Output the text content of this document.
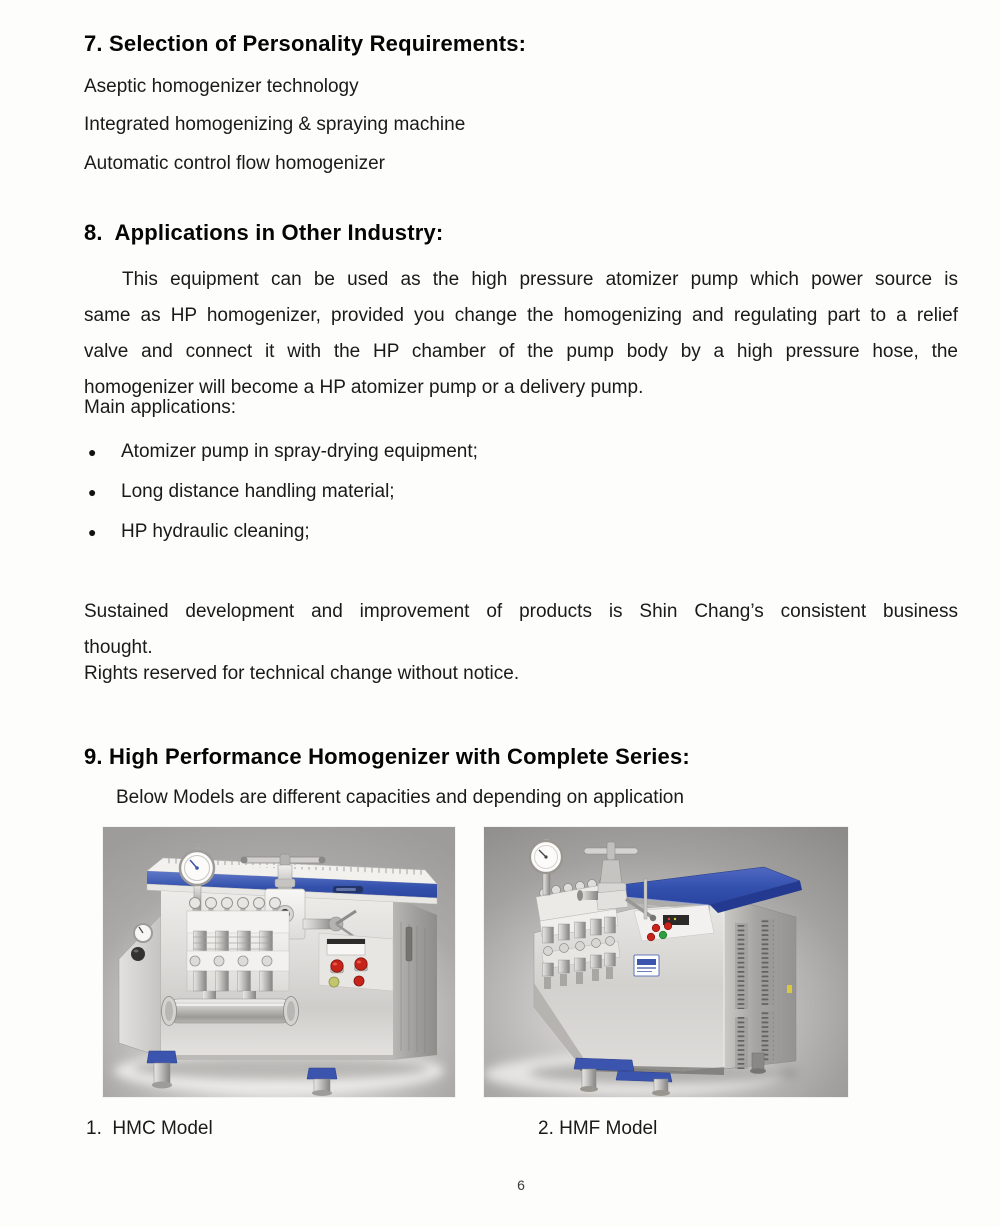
7. Selection of Personality Requirements:
Aseptic homogenizer technology
Integrated homogenizing & spraying machine
Automatic control flow homogenizer
8.  Applications in Other Industry:
This equipment can be used as the high pressure atomizer pump which power source is
same as HP homogenizer, provided you change the homogenizing and regulating part to a relief
valve and connect it with the HP chamber of the pump body by a high pressure hose, the
homogenizer will become a HP atomizer pump or a delivery pump.
Main applications:
●	Atomizer pump in spray-drying equipment;
●	Long distance handling material;
●	HP hydraulic cleaning;
Sustained development and improvement of products is Shin Chang’s consistent business
thought.
Rights reserved for technical change without notice.
9. High Performance Homogenizer with Complete Series:
Below Models are different capacities and depending on application
1.  HMC Model	2. HMF Model
6
